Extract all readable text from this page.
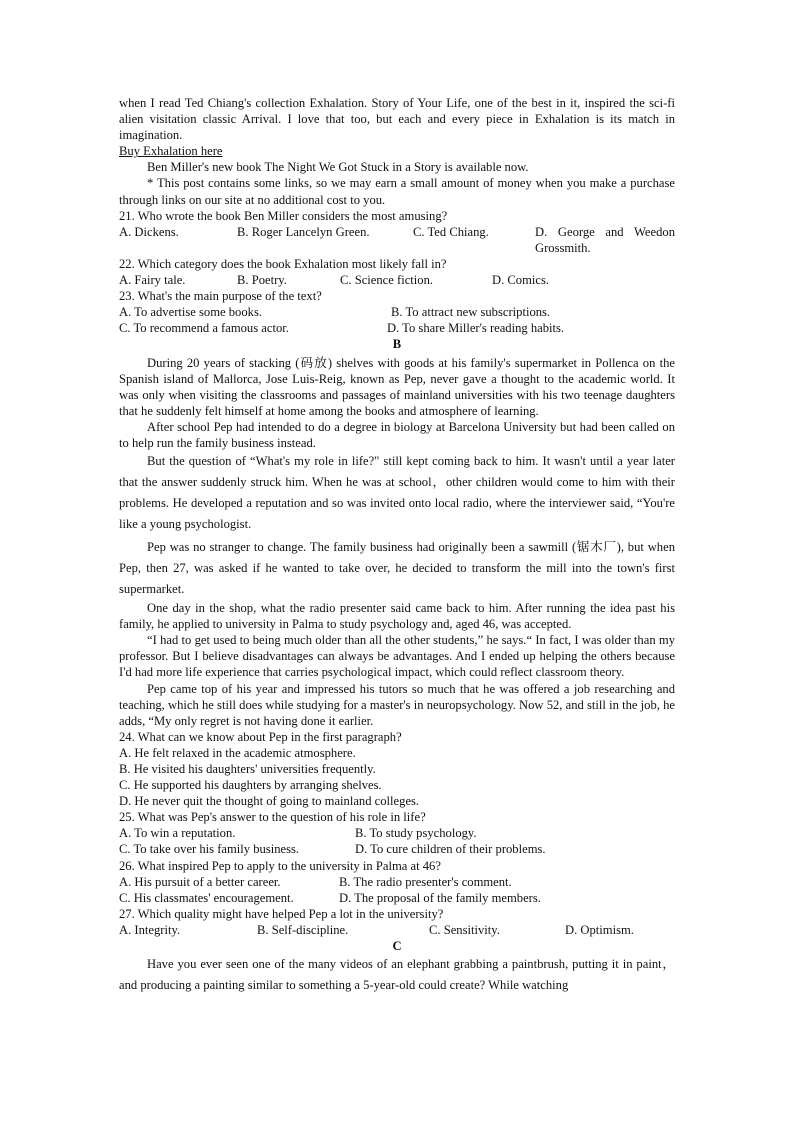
when I read Ted Chiang's collection Exhalation. Story of Your Life, one of the best in it, inspired the sci-fi alien visitation classic Arrival. I love that too, but each and every piece in Exhalation is its match in imagination.

Buy Exhalation here

Ben Miller's new book The Night We Got Stuck in a Story is available now.

* This post contains some links, so we may earn a small amount of money when you make a purchase through links on our site at no additional cost to you.

21. Who wrote the book Ben Miller considers the most amusing?

A. Dickens.	B. Roger Lancelyn Green.	C. Ted Chiang.	D. George and Weedon Grossmith.

22. Which category does the book Exhalation most likely fall in?

A. Fairy tale.	B. Poetry.	C. Science fiction.	D. Comics.

23. What's the main purpose of the text?

A. To advertise some books.	B. To attract new subscriptions.
C. To recommend a famous actor.	D. To share Miller's reading habits.

B

During 20 years of stacking (码放) shelves with goods at his family's supermarket in Pollenca on the Spanish island of Mallorca, Jose Luis-Reig, known as Pep, never gave a thought to the academic world. It was only when visiting the classrooms and passages of mainland universities with his two teenage daughters that he suddenly felt himself at home among the books and atmosphere of learning.

After school Pep had intended to do a degree in biology at Barcelona University but had been called on to help run the family business instead.

But the question of “What's my role in life?" still kept coming back to him. It wasn't until a year later that the answer suddenly struck him. When he was at school，other children would come to him with their problems. He developed a reputation and so was invited onto local radio, where the interviewer said, “You're like a young psychologist.

Pep was no stranger to change. The family business had originally been a sawmill (锯木厂), but when Pep, then 27, was asked if he wanted to take over, he decided to transform the mill into the town's first supermarket.

One day in the shop, what the radio presenter said came back to him. After running the idea past his family, he applied to university in Palma to study psychology and, aged 46, was accepted.

“I had to get used to being much older than all the other students,” he says.“ In fact, I was older than my professor. But I believe disadvantages can always be advantages. And I ended up helping the others because I'd had more life experience that carries psychological impact, which could reflect classroom theory.

Pep came top of his year and impressed his tutors so much that he was offered a job researching and teaching, which he still does while studying for a master's in neuropsychology. Now 52, and still in the job, he adds, “My only regret is not having done it earlier.

24. What can we know about Pep in the first paragraph?

A. He felt relaxed in the academic atmosphere.

B. He visited his daughters' universities frequently.

C. He supported his daughters by arranging shelves.

D. He never quit the thought of going to mainland colleges.

25. What was Pep's answer to the question of his role in life?

A. To win a reputation.	B. To study psychology.
C. To take over his family business.	D. To cure children of their problems.

26. What inspired Pep to apply to the university in Palma at 46?

A. His pursuit of a better career.	B. The radio presenter's comment.
C. His classmates' encouragement.	D. The proposal of the family members.

27. Which quality might have helped Pep a lot in the university?

A. Integrity.	B. Self-discipline.	C. Sensitivity.	D. Optimism.

C

Have you ever seen one of the many videos of an elephant grabbing a paintbrush, putting it in paint， and producing a painting similar to something a 5-year-old could create? While watching
